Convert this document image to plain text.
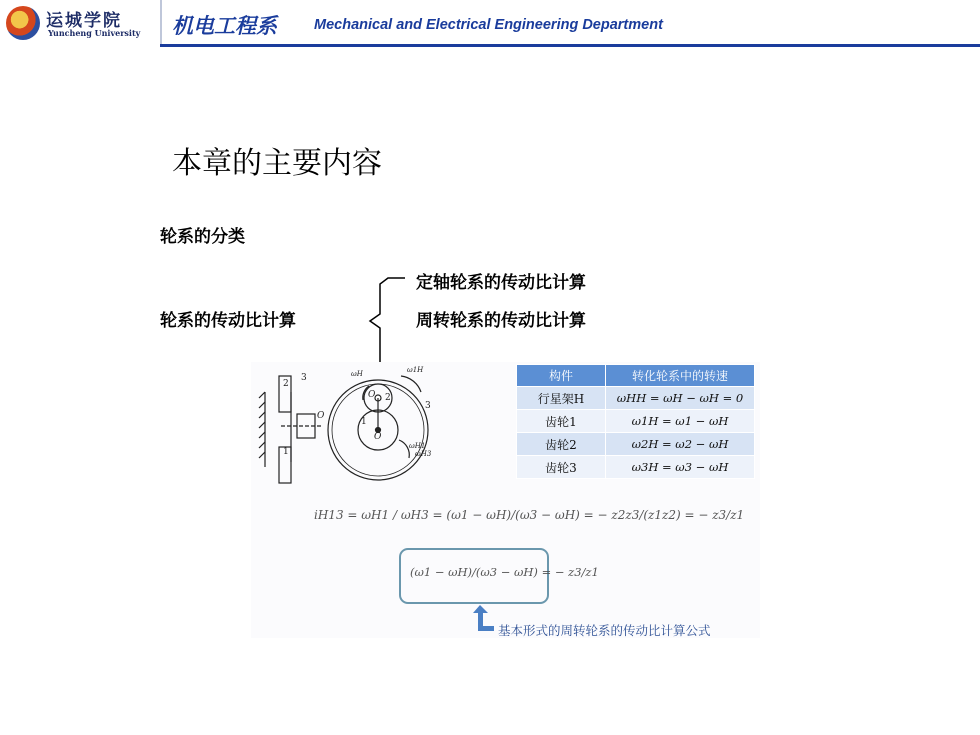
运城学院
Yuncheng University 机电工程系	Mechanical and Electrical Engineering Department
本章的主要内容
轮系的分类
轮系的传动比计算
定轴轮系的传动比计算
周转轮系的传动比计算
2
3
1
O
O 2
3
O
1
ωH	ω1H
ωH3
ωH1
构件	转化轮系中的转速
行星架H	ωHH = ωH − ωH = 0
齿轮1	ω1H = ω1 − ωH
齿轮2	ω2H = ω2 − ωH
齿轮3	ω3H = ω3 − ωH
iH13 = ωH1 / ωH3 = (ω1 − ωH)/(ω3 − ωH) = − z2z3/(z1z2) = − z3/z1
(ω1 − ωH)/(ω3 − ωH) = − z3/z1
基本形式的周转轮系的传动比计算公式
